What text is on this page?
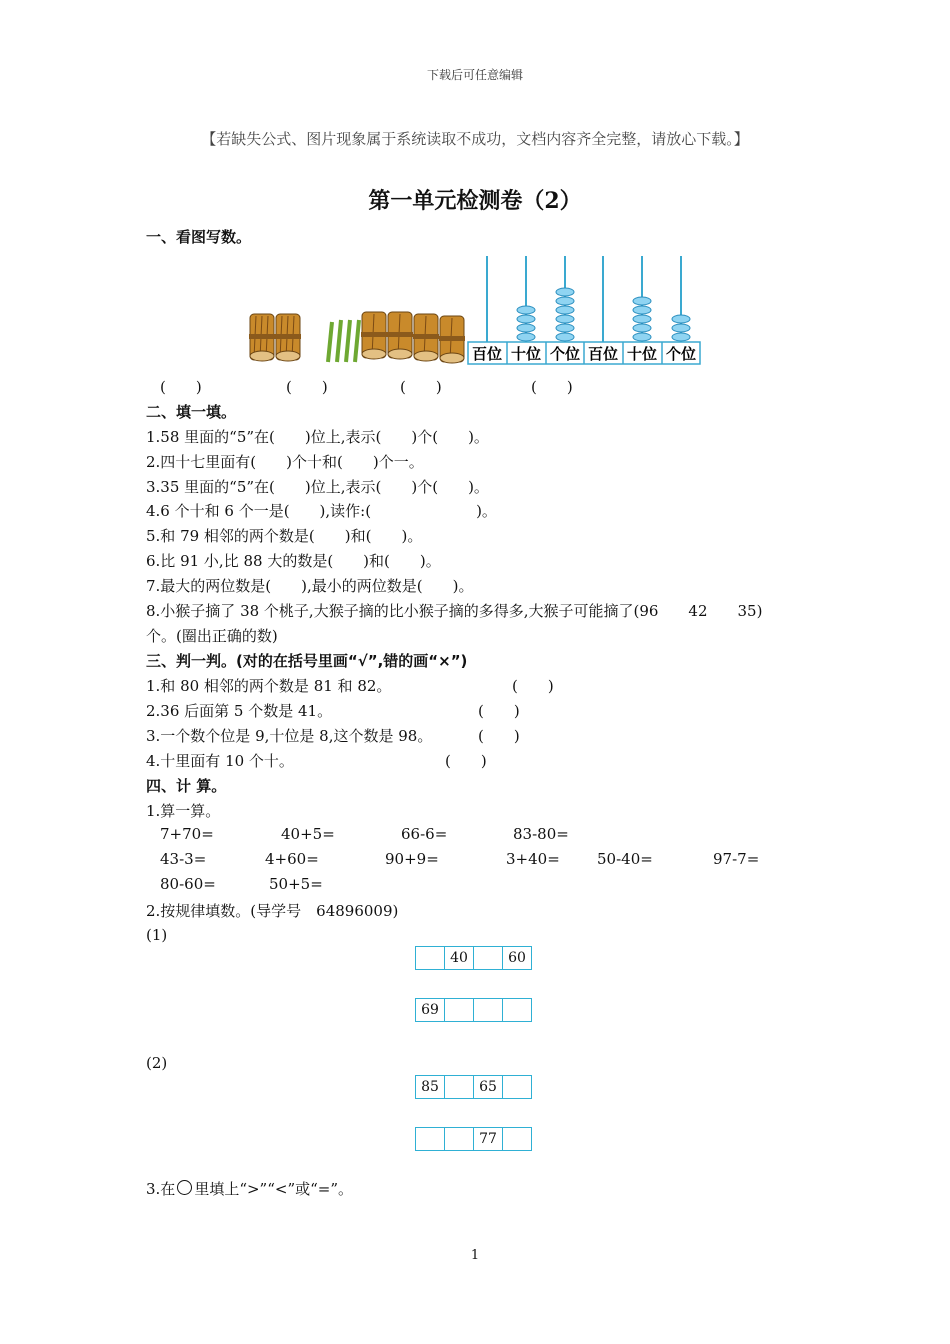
下载后可任意编辑
【若缺失公式、图片现象属于系统读取不成功，文档内容齐全完整，请放心下载。】
第一单元检测卷（2）
一、看图写数。
百位 十位 个位 百位 十位 个位
(　　)	(　　)	(　　)	(　　)
二、填一填。
1.58 里面的“5”在(　　)位上,表示(　　)个(　　)。
2.四十七里面有(　　)个十和(　　)个一。
3.35 里面的“5”在(　　)位上,表示(　　)个(　　)。
4.6 个十和 6 个一是(　　),读作:(　　　　　　　)。
5.和 79 相邻的两个数是(　　)和(　　)。
6.比 91 小,比 88 大的数是(　　)和(　　)。
7.最大的两位数是(　　),最小的两位数是(　　)。
8.小猴子摘了 38 个桃子,大猴子摘的比小猴子摘的多得多,大猴子可能摘了(96　　42　　35)
个。(圈出正确的数)
三、判一判。(对的在括号里画“√”,错的画“×”)
1.和 80 相邻的两个数是 81 和 82。	(　　)
2.36 后面第 5 个数是 41。	(　　)
3.一个数个位是 9,十位是 8,这个数是 98。	(　　)
4.十里面有 10 个十。	(　　)
四、计 算。
1.算一算。
7+70=	40+5=	66-6=	83-80=
43-3=	4+60=	90+9=	3+40= 50-40=	97-7=
80-60=	50+5=
2.按规律填数。(导学号　64896009)
(1)
	40		60
69			
(2)
85		65	
		77	
3.在 里填上“>”“<”或“=”。
1
